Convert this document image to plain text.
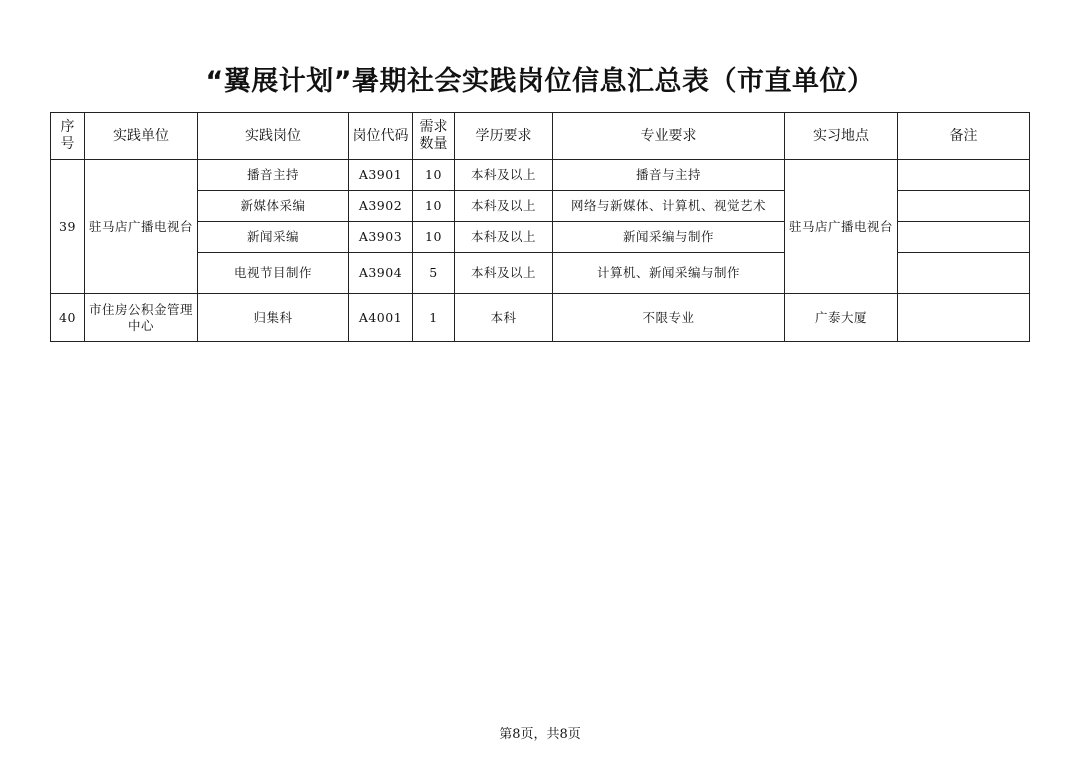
“翼展计划”暑期社会实践岗位信息汇总表（市直单位）
序号	实践单位	实践岗位	岗位代码	需求数量	学历要求	专业要求	实习地点	备注
39	驻马店广播电视台	播音主持	A3901	10	本科及以上	播音与主持	驻马店广播电视台	
		新媒体采编	A3902	10	本科及以上	网络与新媒体、计算机、视觉艺术		
		新闻采编	A3903	10	本科及以上	新闻采编与制作		
		电视节目制作	A3904	5	本科及以上	计算机、新闻采编与制作		
40	市住房公积金管理中心	归集科	A4001	1	本科	不限专业	广泰大厦	
第8页，共8页
